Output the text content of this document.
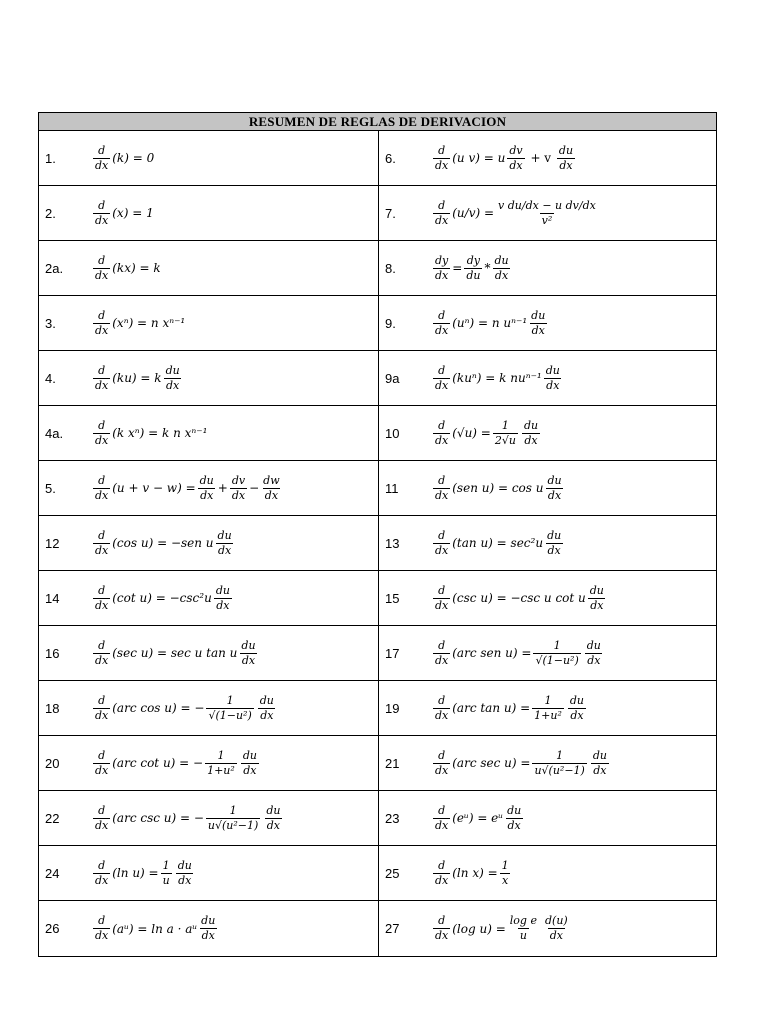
RESUMEN DE REGLAS DE DERIVACION
1.	$\frac{d}{dx} (k) = 0$	6.	$\frac{d}{dx} (u$ v) = u $\frac{dv}{dx} + v \frac{du}{dx}$
2.	$\frac{d}{dx} (x) = 1$	7.	$\frac{d}{dx} (u/v) = \frac{\text{v du/dx − u dv/dx}}{\text{v²}}$
2a.	$\frac{d}{dx} (kx) = k$	8.	$\frac{dy}{dx} = \frac{dy}{du} * \frac{du}{dx}$
3.	$\frac{d}{dx} (x^n) = n$ xⁿ⁻¹	9.	$\frac{d}{dx} (u^n) = n$ $u^{n-1} \frac{du}{dx}$
4.	$\frac{d}{dx} (ku) = k \frac{du}{dx}$	9a	$\frac{d}{dx} (ku^n) = k$ $nu^{n-1} \frac{du}{dx}$
4a.	$\frac{d}{dx} (k$ xⁿ) = k n xⁿ⁻¹	10	$\frac{d}{dx} (√u) = \frac{1}{2√u} \frac{du}{dx}$
5.	$\frac{d}{dx} (u + v - w) = \frac{du}{dx} + \frac{dv}{dx} - \frac{dw}{dx}$	11	$\frac{d}{dx} (sen$ u) = cos u $\frac{du}{dx}$
12	$\frac{d}{dx} (\cos$ u) = −sen u $\frac{du}{dx}$	13	$\frac{d}{dx} (\tan$ $u) = \sec^2u \frac{du}{dx}$
14	$\frac{d}{dx} (\cot$ $u) = -\csc^2u \frac{du}{dx}$	15	$\frac{d}{dx} (\csc$ u) = −csc u cot u $\frac{du}{dx}$
16	$\frac{d}{dx} (\sec$ u) = sec u tan u $\frac{du}{dx}$	17	$\frac{d}{dx} (arc$ sen $u) = \frac{1}{\text{√(1−u²)}} \frac{du}{dx}$
18	$\frac{d}{dx} (arc$ cos u) = − $\frac{1}{\text{√(1−u²)}} \frac{du}{dx}$	19	$\frac{d}{dx} (arc$ $\tan u) = \frac{1}{\text{1+u²}} \frac{du}{dx}$
20	$\frac{d}{dx} (arc$ cot u) = − $\frac{1}{\text{1+u²}} \frac{du}{dx}$	21	$\frac{d}{dx} (arc$ $\sec u) = \frac{1}{\text{u√(u²−1)}} \frac{du}{dx}$
22	$\frac{d}{dx} (arc$ csc u) = − $\frac{1}{\text{u√(u²−1)}} \frac{du}{dx}$	23	$\frac{d}{dx}$ (eᵘ) = eᵘ $\frac{du}{dx}$
24	$\frac{d}{dx} (\ln$ $u) = \frac{1}{u} \frac{du}{dx}$	25	$\frac{d}{dx} (\ln$ $x) = \frac{1}{x}$
26	$\frac{d}{dx}$ (aᵘ) = ln a · aᵘ $\frac{du}{dx}$	27	$\frac{d}{dx} (\log$ $u) = \frac{\text{log e}}{u} \frac{d(u)}{dx}$
